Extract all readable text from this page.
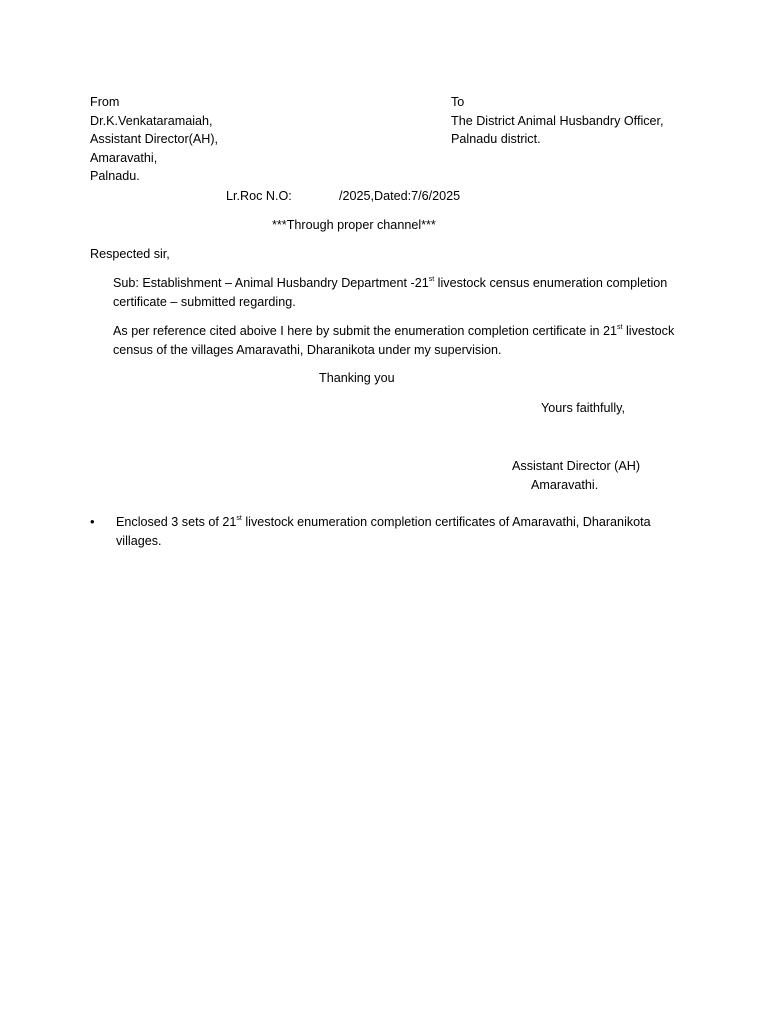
From
Dr.K.Venkataramaiah,
Assistant Director(AH),
Amaravathi,
Palnadu.
To
The District Animal Husbandry Officer,
Palnadu district.
Lr.Roc N.O:	/2025,Dated:7/6/2025
***Through proper channel***
Respected sir,
Sub: Establishment – Animal Husbandry Department -21st livestock census enumeration completion certificate – submitted regarding.
As per reference cited aboive I here by submit the enumeration completion certificate in 21st livestock census of the villages Amaravathi, Dharanikota under my supervision.
Thanking you
Yours faithfully,
Assistant Director (AH)
Amaravathi.
• Enclosed 3 sets of 21st livestock enumeration completion certificates of Amaravathi, Dharanikota villages.
